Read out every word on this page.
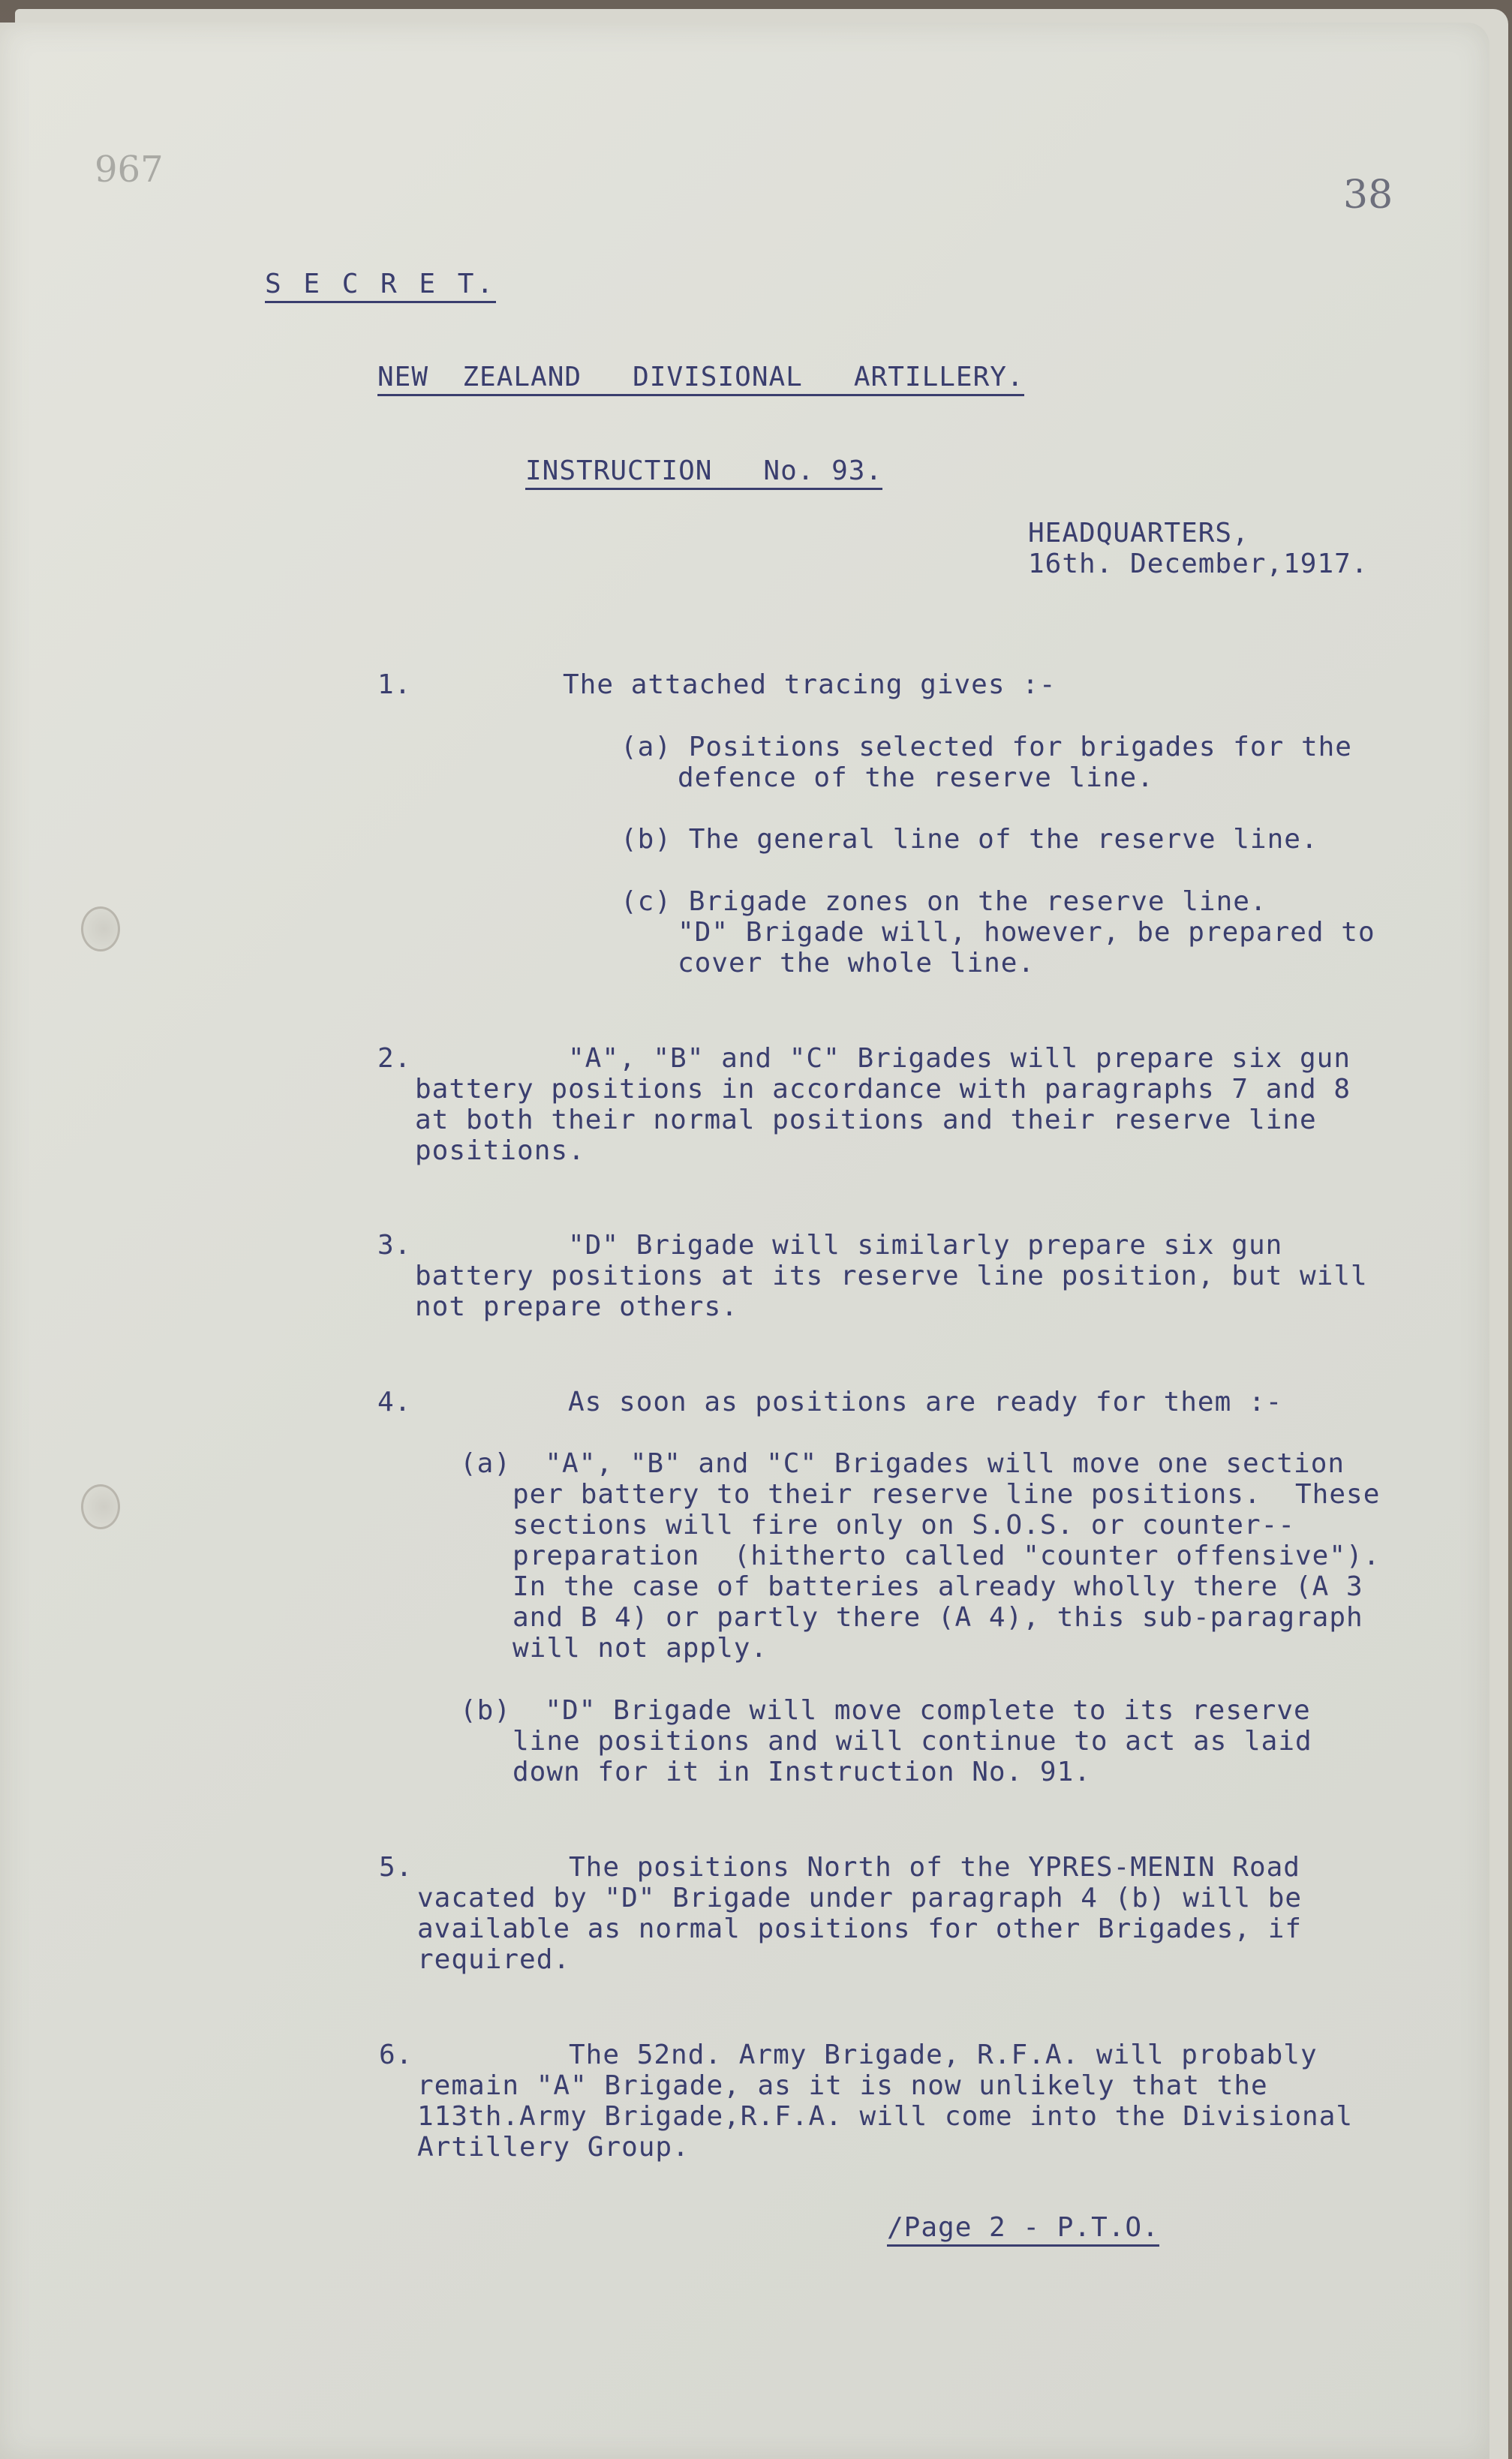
967
38
S E C R E T.
NEW  ZEALAND   DIVISIONAL   ARTILLERY.
INSTRUCTION   No. 93.
HEADQUARTERS,
16th. December,1917.
1.	The attached tracing gives :-
(a) Positions selected for brigades for the
defence of the reserve line.
(b) The general line of the reserve line.
(c) Brigade zones on the reserve line.
"D" Brigade will, however, be prepared to
cover the whole line.
2.	"A", "B" and "C" Brigades will prepare six gun
battery positions in accordance with paragraphs 7 and 8
at both their normal positions and their reserve line
positions.
3.	"D" Brigade will similarly prepare six gun
battery positions at its reserve line position, but will
not prepare others.
4.	As soon as positions are ready for them :-
(a)  "A", "B" and "C" Brigades will move one section
per battery to their reserve line positions.  These
sections will fire only on S.O.S. or counter--
preparation  (hitherto called "counter offensive").
In the case of batteries already wholly there (A 3
and B 4) or partly there (A 4), this sub-paragraph
will not apply.
(b)  "D" Brigade will move complete to its reserve
line positions and will continue to act as laid
down for it in Instruction No. 91.
5.	The positions North of the YPRES-MENIN Road
vacated by "D" Brigade under paragraph 4 (b) will be
available as normal positions for other Brigades, if
required.
6.	The 52nd. Army Brigade, R.F.A. will probably
remain "A" Brigade, as it is now unlikely that the
113th.Army Brigade,R.F.A. will come into the Divisional
Artillery Group.
/Page 2 - P.T.O.
